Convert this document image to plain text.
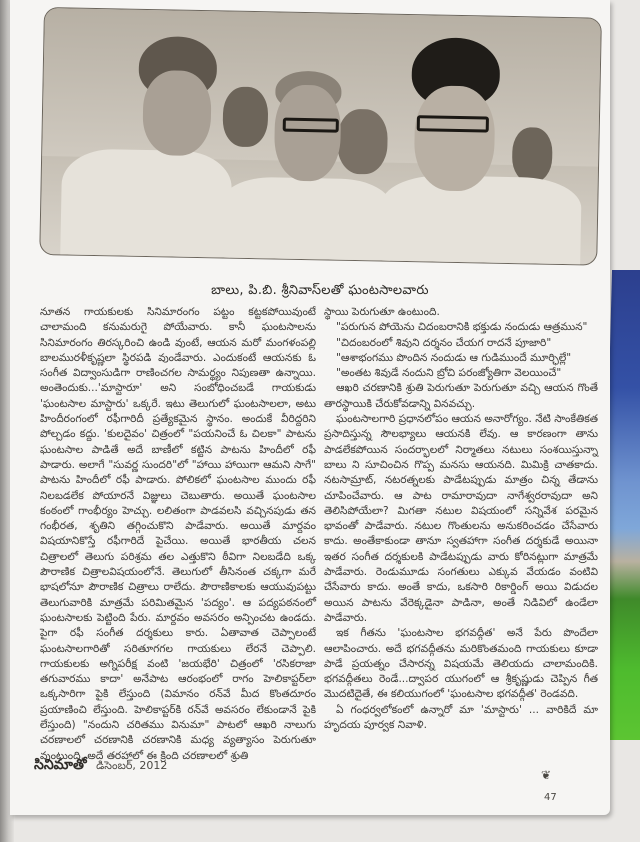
బాలు, పి.బి. శ్రీనివాస్‌లతో ఘంటసాలవారు

నూతన గాయకులకు సినిమారంగం పట్టం కట్టకపోయివుంటే చాలామంది కనుమరుగై పోయేవారు. కానీ ఘంటసాలను సినిమారంగం తిరస్కరించి ఉండి వుంటే, ఆయన మరో మంగళంపల్లి బాలమురళీకృష్ణలా స్థిరపడి వుండేవారు. ఎందుకంటే ఆయనకు ఓ సంగీత విద్వాంసుడిగా రాణించగల సామర్థ్యం నిపుణతా ఉన్నాయి. అంతెందుకు...'మాస్టారూ' అని సంబోధించబడే గాయకుడు 'ఘంటసాల మాస్టారు' ఒక్కరే. ఇటు తెలుగులో ఘంటసాలలా, అటు హిందీరంగంలో రఫీగారిదీ ప్రత్యేకమైన స్థానం. అందుకే వీరిద్దరిని పోల్చడం కద్దు. 'కులదైవం' చిత్రంలో "పయనించే ఓ చిలకా" పాటను ఘంటసాల పాడితే అదే బాణీలో కట్టిన పాటను హిందీలో రఫీ పాడారు. అలాగే "సువర్ణ సుందరి"లో "హాయి హాయిగా ఆమని సాగే" పాటను హిందీలో రఫీ పాడారు. పోలికలో ఘంటసాల ముందు రఫీ నిలబడలేక పోయారనే విజ్ఞులు చెబుతారు. అయితే ఘంటసాల కంఠంలో గాంభీర్యం హెచ్చు. లలితంగా పాడవలసి వచ్చినపుడు తన గంభీరత, శృతిని తగ్గించుకొని పాడేవారు. అయితే మార్దవం విషయానికొస్తే రఫీగారిదే పైచేయి. అయితే భారతీయ చలన చిత్రాలలో తెలుగు పరిశ్రమ తల ఎత్తుకొని ఠీవిగా నిలబడేది ఒక్క పౌరాణిక చిత్రాలవిషయంలోనే. తెలుగులో తీసినంత చక్కగా మరే భాషలోనూ పౌరాణిక చిత్రాలు రాలేదు. పౌరాణికాలకు ఆయువుపట్టు తెలుగువారికి మాత్రమే పరిమితమైన 'పద్యం'. ఆ పద్యపఠనంలో ఘంటసాలకు పెట్టింది పేరు. మార్దవం అవసరం అన్పించట ఉండదు. పైగా రఫీ సంగీత దర్శకులు కారు. ఏతావాత చెప్పాలంటే ఘంటసాలగారితో సరితూగగల గాయకులు లేరనే చెప్పాలి. గాయకులకు అగ్నిపరీక్ష వంటి 'జయభేరి' చిత్రంలో 'రసికరాజా తగువారము కాదా' అనేపాట ఆరంభంలో రాగం హెలికాప్టర్‌లా ఒక్కసారిగా పైకి లేస్తుంది (విమానం రన్‌వే మీద కొంతదూరం ప్రయాణించి లేస్తుంది. హెలికాప్టర్‌కి రన్‌వే అవసరం లేకుండానే పైకి లేస్తుంది) "నందుని చరితము వినుమా" పాటలో ఆఖరి నాలుగు చరణాలలో చరణానికి చరణానికి మధ్య వ్యత్యాసం పెరుగుతూ వుంటుంది. అదే తరహాలో ఈ క్రింది చరణాలలో శ్రుతి

స్థాయి పెరుగుతూ ఉంటుంది.

"పరుగున పోయెను చిదంబరానికి భక్తుడు నందుడు ఆత్రమున"

"చిదంబరంలో శివుని దర్శనం చేయగ రాదనే పూజారి"

"ఆశాభంగము పొందిన నందుడు ఆ గుడిముందే మూర్ఛిల్లే"

"అంతట శివుడే నందుని బ్రోచి పరంజ్యోతిగా వెలయించే"

ఆఖరి చరణానికి శ్రుతి పెరుగుతూ పెరుగుతూ వచ్చి ఆయన గొంతే తారస్థాయికి చేరుకోవడాన్ని వినవచ్చు.

ఘంటసాలగారి ప్రధానలోపం ఆయన అనారోగ్యం. నేటి సాంకేతికత ప్రసాదిస్తున్న సౌలభ్యాలు ఆయనకి లేవు. ఆ కారణంగా తాను పాడలేకపోయిన సందర్భాలలో నిర్మాతలు నటులు సంశయిస్తున్నా బాలు ని సూచించిన గొప్ప మనసు ఆయనది. మిమిక్రి చాతకాదు. నటసామ్రాట్, నటరత్నలకు పాడేటప్పుడు మాత్రం చిన్న తేడాను చూపించేవారు. ఆ పాట రామారావుదా నాగేశ్వరరావుదా అని తెలిసిపోయేలా? మిగతా నటుల విషయంలో సన్నివేశ పరమైన భావంతో పాడేవారు. నటుల గొంతులను అనుకరించడం చేసేవారు కాదు. అంతేకాకుండా తానూ స్వతహాగా సంగీత దర్శకుడే అయినా ఇతర సంగీత దర్శకులకి పాడేటప్పుడు వారు కోరినట్లుగా మాత్రమే పాడేవారు. రెండుమూడు సంగతులు ఎక్కువ వేయడం వంటివి చేసేవారు కాదు. అంతే కాదు, ఒకసారి రికార్డింగ్ అయి విడుదల అయిన పాటను వేరెక్కడైనా పాడినా, అంతే నిడివిలో ఉండేలా పాడేవారు.

ఇక గీతను 'ఘంటసాల భగవద్గీత' అనే పేరు పొందేలా ఆలాపించారు. అదే భగవద్గీతను మరికొంతమంది గాయకులు కూడా పాడే ప్రయత్నం చేసారన్న విషయమే తెలియదు చాలామందికి. భగవద్గీతలు రెండే...ద్వాపర యుగంలో ఆ శ్రీకృష్ణుడు చెప్పిన గీత మొదటిదైతే, ఈ కలియుగంలో 'ఘంటసాల భగవద్గీత' రెండవది.

ఏ గంధర్వలోకంలో ఉన్నారో మా 'మాస్టారు' ... వారికిదే మా హృదయ పూర్వక నివాళి.

సినిమాతో డిసెంబర్, 2012
❦
47
